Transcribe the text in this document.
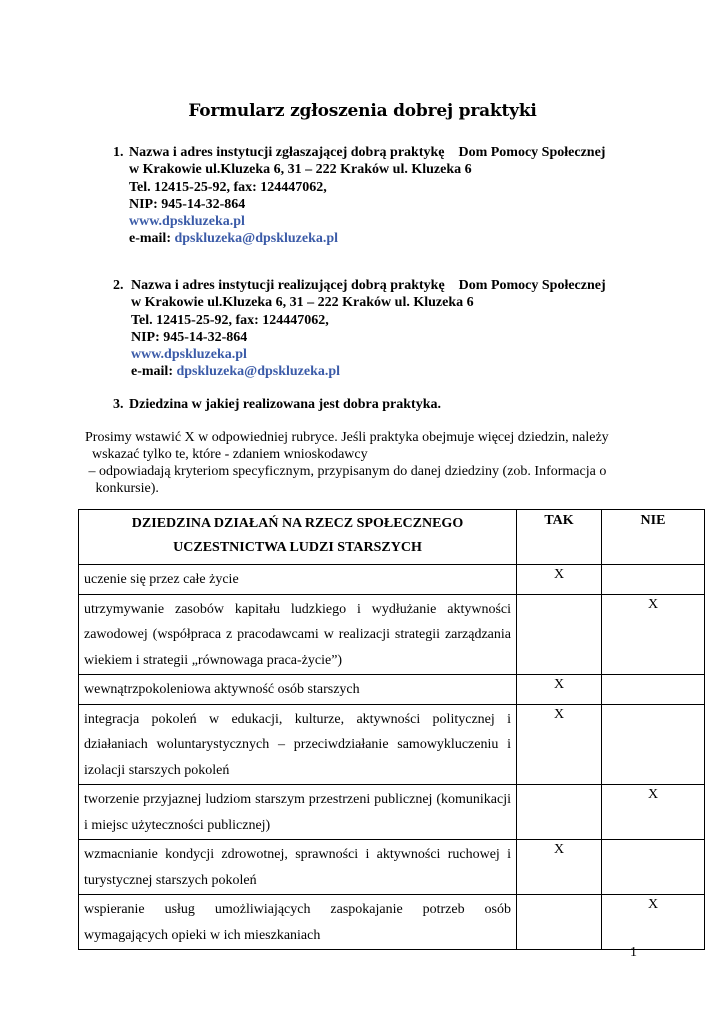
Formularz zgłoszenia dobrej praktyki
1. Nazwa i adres instytucji zgłaszającej dobrą praktykę    Dom Pomocy Społecznej
w Krakowie ul.Kluzeka 6, 31 – 222 Kraków ul. Kluzeka 6
Tel. 12415-25-92, fax: 124447062,
NIP: 945-14-32-864
www.dpskluzeka.pl
e-mail: dpskluzeka@dpskluzeka.pl
2. Nazwa i adres instytucji realizującej dobrą praktykę    Dom Pomocy Społecznej
w Krakowie ul.Kluzeka 6, 31 – 222 Kraków ul. Kluzeka 6
Tel. 12415-25-92, fax: 124447062,
NIP: 945-14-32-864
www.dpskluzeka.pl
e-mail: dpskluzeka@dpskluzeka.pl
3. Dziedzina w jakiej realizowana jest dobra praktyka.
Prosimy wstawić X w odpowiedniej rubryce. Jeśli praktyka obejmuje więcej dziedzin, należy
wskazać tylko te, które - zdaniem wnioskodawcy
– odpowiadają kryteriom specyficznym, przypisanym do danej dziedziny (zob. Informacja o
konkursie).
DZIEDZINA DZIAŁAŃ NA RZECZ SPOŁECZNEGO
UCZESTNICTWA LUDZI STARSZYCH	TAK	NIE
uczenie się przez całe życie	X	
utrzymywanie zasobów kapitału ludzkiego i wydłużanie aktywności zawodowej (współpraca z pracodawcami w realizacji strategii zarządzania wiekiem i strategii „równowaga praca-życie”)		X
wewnątrzpokoleniowa aktywność osób starszych	X	
integracja pokoleń w edukacji, kulturze, aktywności politycznej i działaniach woluntarystycznych – przeciwdziałanie samowykluczeniu i izolacji starszych pokoleń	X	
tworzenie przyjaznej ludziom starszym przestrzeni publicznej (komunikacji i miejsc użyteczności publicznej)		X
wzmacnianie kondycji zdrowotnej, sprawności i aktywności ruchowej i turystycznej starszych pokoleń	X	
wspieranie usług umożliwiających zaspokajanie potrzeb osób wymagających opieki w ich mieszkaniach		X
1
